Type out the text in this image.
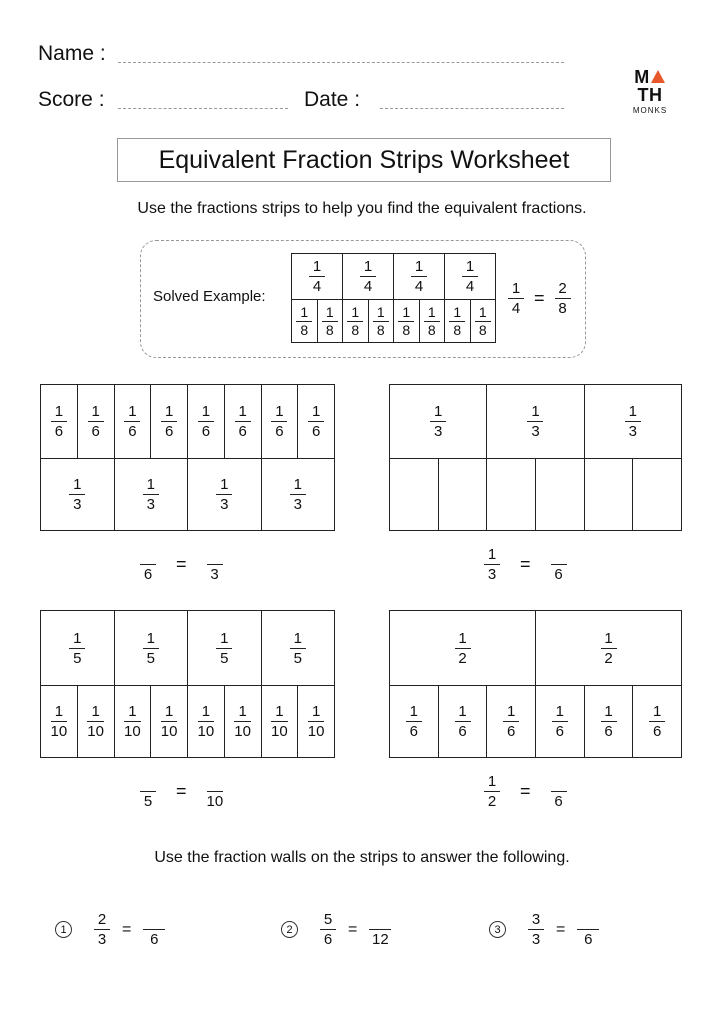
Name :
Score :	Date :
MTH
MONKS
Equivalent Fraction Strips Worksheet
Use the fractions strips to help you find the equivalent fractions.
Solved Example:
$\frac{1}{4} \frac{1}{4} \frac{1}{4} \frac{1}{4}$
$\frac{1}{8} \frac{1}{8} \frac{1}{8} \frac{1}{8} \frac{1}{8} \frac{1}{8} \frac{1}{8} \frac{1}{8}$
$\frac{1}{4} = \frac{2}{8}$
$\frac{1}{6} \frac{1}{6} \frac{1}{6} \frac{1}{6} \frac{1}{6} \frac{1}{6} \frac{1}{6} \frac{1}{6}$
$\frac{1}{3}$	$\frac{1}{3}$	$\frac{1}{3}$	$\frac{1}{3}$
$\frac{1}{3}$	$\frac{1}{3}$	$\frac{1}{3}$
$\frac{1}{5}$	$\frac{1}{5}$	$\frac{1}{5}$	$\frac{1}{5}$
$\frac{1}{10} \frac{1}{10} \frac{1}{10} \frac{1}{10} \frac{1}{10} \frac{1}{10} \frac{1}{10} \frac{1}{10}$
$\frac{1}{2}$	$\frac{1}{2}$
$\frac{1}{6} \frac{1}{6} \frac{1}{6} \frac{1}{6} \frac{1}{6} \frac{1}{6}$

6
=

3	$\frac{1}{3}$ =

6

5
=

10	$\frac{1}{2}$ =

6
Use the fraction walls on the strips to answer the following.
1	$\frac{2}{3}$ =

6
2	$\frac{5}{6}$ =

12
3	$\frac{3}{3}$ =

6
